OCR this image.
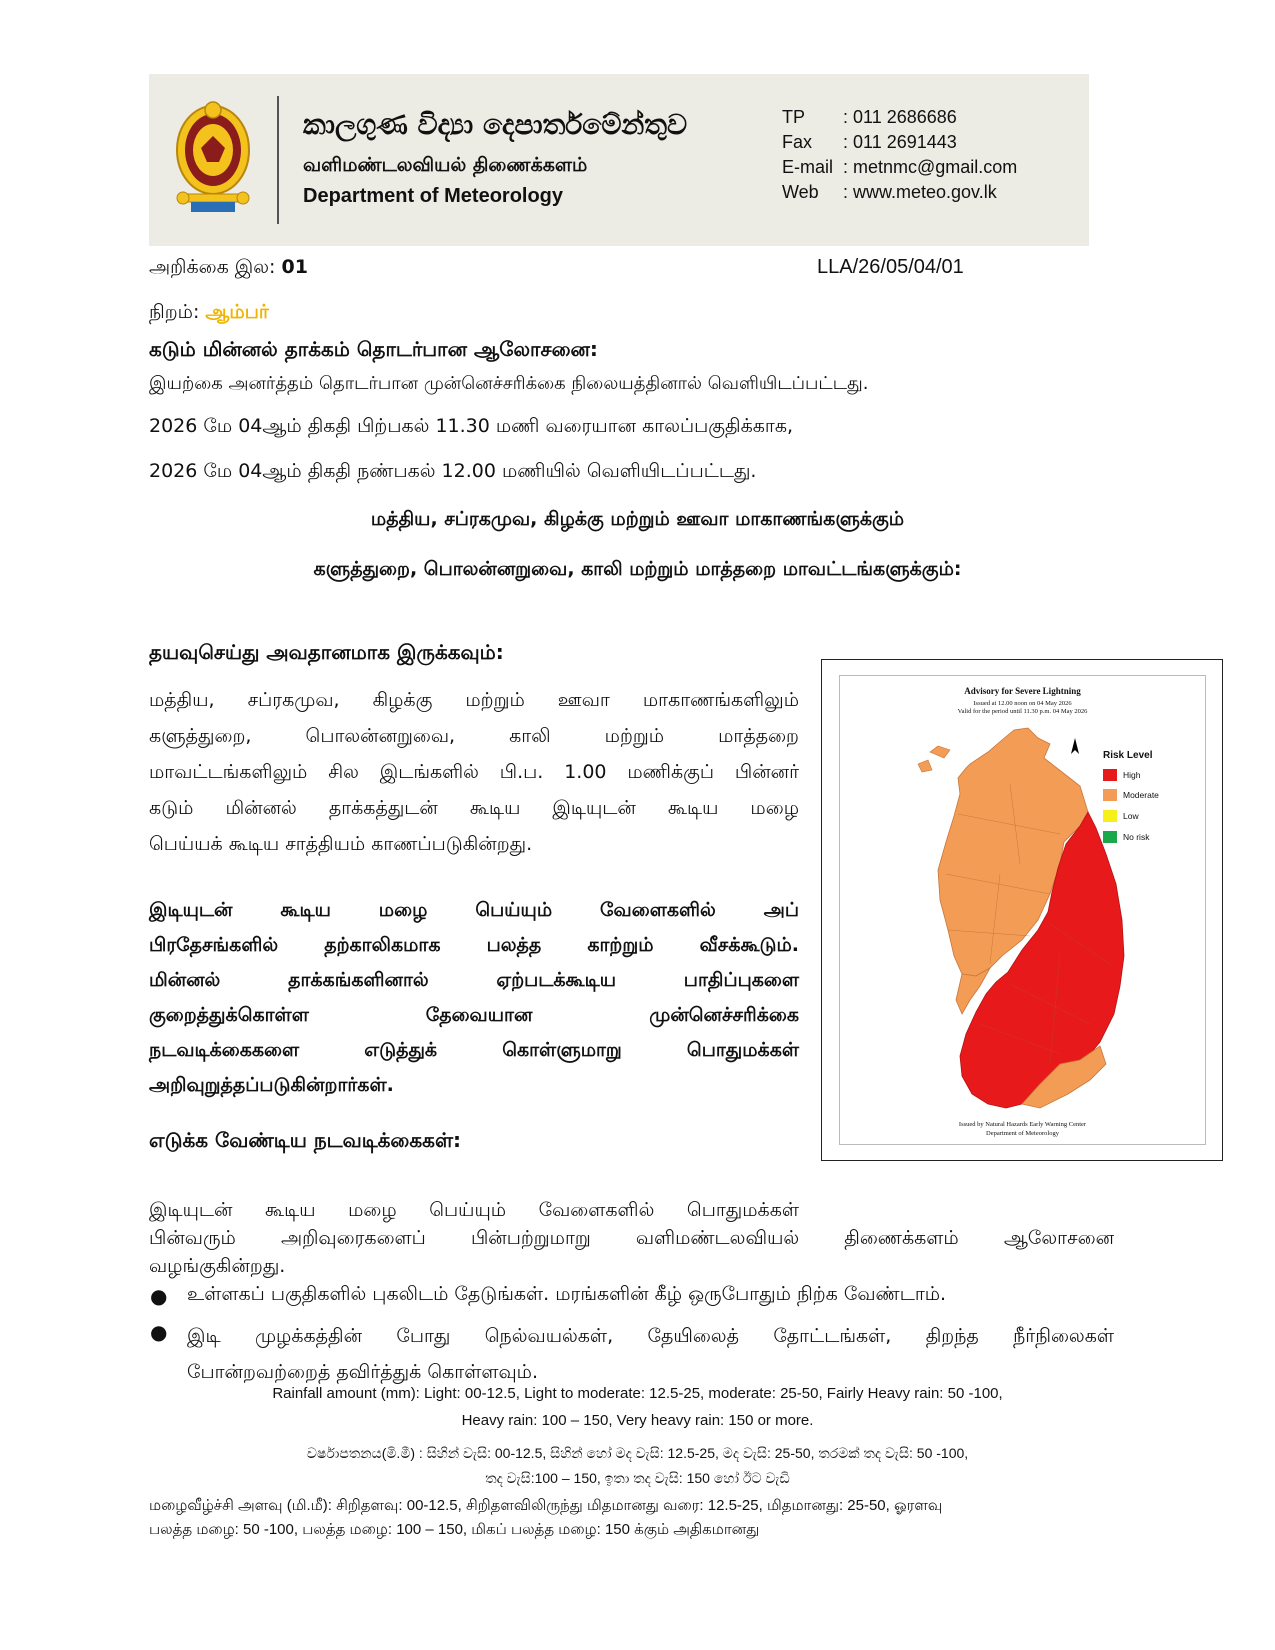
කාලගුණ විද්‍යා දෙපාර්තමේන්තුව
வளிமண்டலவியல் திணைக்களம்
Department of Meteorology
TP : 011 2686686
Fax : 011 2691443
E-mail : metnmc@gmail.com
Web : www.meteo.gov.lk
அறிக்கை இல: 01	LLA/26/05/04/01
நிறம்: ஆம்பர்
கடும் மின்னல் தாக்கம் தொடர்பான ஆலோசனை:
இயற்கை அனர்த்தம் தொடர்பான முன்னெச்சரிக்கை நிலையத்தினால் வெளியிடப்பட்டது.
2026 மே 04ஆம் திகதி பிற்பகல் 11.30 மணி வரையான காலப்பகுதிக்காக,
2026 மே 04ஆம் திகதி நண்பகல் 12.00 மணியில் வெளியிடப்பட்டது.
மத்திய, சப்ரகமுவ, கிழக்கு மற்றும் ஊவா மாகாணங்களுக்கும்
களுத்துறை, பொலன்னறுவை, காலி மற்றும் மாத்தறை மாவட்டங்களுக்கும்:
தயவுசெய்து அவதானமாக இருக்கவும்:
மத்திய, சப்ரகமுவ, கிழக்கு மற்றும் ஊவா மாகாணங்களிலும்
களுத்துறை, பொலன்னறுவை, காலி மற்றும் மாத்தறை
மாவட்டங்களிலும் சில இடங்களில் பி.ப. 1.00 மணிக்குப் பின்னர்
கடும் மின்னல் தாக்கத்துடன் கூடிய இடியுடன் கூடிய மழை
பெய்யக் கூடிய சாத்தியம் காணப்படுகின்றது.
இடியுடன் கூடிய மழை பெய்யும் வேளைகளில் அப்
பிரதேசங்களில் தற்காலிகமாக பலத்த காற்றும் வீசக்கூடும்.
மின்னல் தாக்கங்களினால் ஏற்படக்கூடிய பாதிப்புகளை
குறைத்துக்கொள்ள தேவையான முன்னெச்சரிக்கை
நடவடிக்கைகளை எடுத்துக் கொள்ளுமாறு பொதுமக்கள்
அறிவுறுத்தப்படுகின்றார்கள்.
எடுக்க வேண்டிய நடவடிக்கைகள்:
இடியுடன் கூடிய மழை பெய்யும் வேளைகளில் பொதுமக்கள்
பின்வரும் அறிவுரைகளைப் பின்பற்றுமாறு வளிமண்டலவியல் திணைக்களம் ஆலோசனை
வழங்குகின்றது.
● உள்ளகப் பகுதிகளில் புகலிடம் தேடுங்கள். மரங்களின் கீழ் ஒருபோதும் நிற்க வேண்டாம்.
● இடி முழக்கத்தின் போது நெல்வயல்கள், தேயிலைத் தோட்டங்கள், திறந்த நீர்நிலைகள்
போன்றவற்றைத் தவிர்த்துக் கொள்ளவும்.
Rainfall amount (mm): Light: 00-12.5, Light to moderate: 12.5-25, moderate: 25-50, Fairly Heavy rain: 50 -100,
Heavy rain: 100 – 150, Very heavy rain: 150 or more.
වර්ෂාපතනය(මි.මී) : සිහින් වැසි: 00-12.5, සිහින් හෝ මද වැසි: 12.5-25, මද වැසි: 25-50, තරමක් තද වැසි: 50 -100,
තද වැසි:100 – 150, ඉතා තද වැසි: 150 හෝ ඊට වැඩි
மழைவீழ்ச்சி அளவு (மி.மீ): சிறிதளவு: 00-12.5, சிறிதளவிலிருந்து மிதமானது வரை: 12.5-25, மிதமானது: 25-50, ஓரளவு
பலத்த மழை: 50 -100, பலத்த மழை: 100 – 150, மிகப் பலத்த மழை: 150 க்கும் அதிகமானது
Advisory for Severe Lightning
Issued at 12.00 noon on 04 May 2026
Valid for the period until 11.30 p.m. 04 May 2026
Risk Level
High
Moderate
Low
No risk
Issued by Natural Hazards Early Warning Center
Department of Meteorology
